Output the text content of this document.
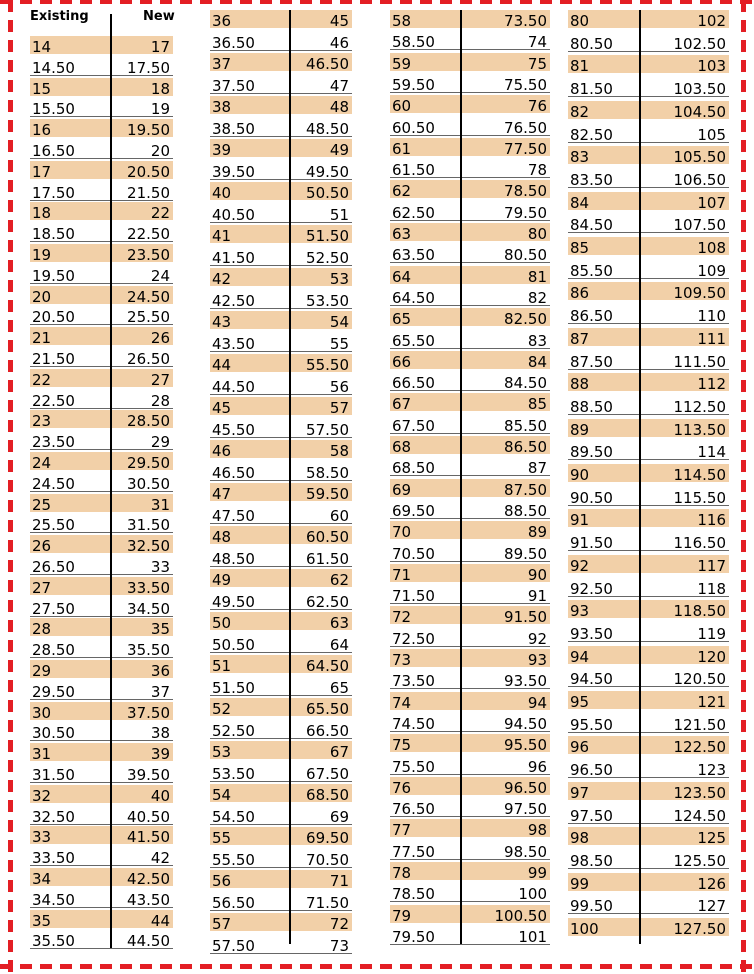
Existing	New
14	17
14.50	17.50
15	18
15.50	19
16	19.50
16.50	20
17	20.50
17.50	21.50
18	22
18.50	22.50
19	23.50
19.50	24
20	24.50
20.50	25.50
21	26
21.50	26.50
22	27
22.50	28
23	28.50
23.50	29
24	29.50
24.50	30.50
25	31
25.50	31.50
26	32.50
26.50	33
27	33.50
27.50	34.50
28	35
28.50	35.50
29	36
29.50	37
30	37.50
30.50	38
31	39
31.50	39.50
32	40
32.50	40.50
33	41.50
33.50	42
34	42.50
34.50	43.50
35	44
35.50	44.50
36	45
36.50	46
37	46.50
37.50	47
38	48
38.50	48.50
39	49
39.50	49.50
40	50.50
40.50	51
41	51.50
41.50	52.50
42	53
42.50	53.50
43	54
43.50	55
44	55.50
44.50	56
45	57
45.50	57.50
46	58
46.50	58.50
47	59.50
47.50	60
48	60.50
48.50	61.50
49	62
49.50	62.50
50	63
50.50	64
51	64.50
51.50	65
52	65.50
52.50	66.50
53	67
53.50	67.50
54	68.50
54.50	69
55	69.50
55.50	70.50
56	71
56.50	71.50
57	72
57.50	73
58	73.50
58.50	74
59	75
59.50	75.50
60	76
60.50	76.50
61	77.50
61.50	78
62	78.50
62.50	79.50
63	80
63.50	80.50
64	81
64.50	82
65	82.50
65.50	83
66	84
66.50	84.50
67	85
67.50	85.50
68	86.50
68.50	87
69	87.50
69.50	88.50
70	89
70.50	89.50
71	90
71.50	91
72	91.50
72.50	92
73	93
73.50	93.50
74	94
74.50	94.50
75	95.50
75.50	96
76	96.50
76.50	97.50
77	98
77.50	98.50
78	99
78.50	100
79	100.50
79.50	101
80	102
80.50	102.50
81	103
81.50	103.50
82	104.50
82.50	105
83	105.50
83.50	106.50
84	107
84.50	107.50
85	108
85.50	109
86	109.50
86.50	110
87	111
87.50	111.50
88	112
88.50	112.50
89	113.50
89.50	114
90	114.50
90.50	115.50
91	116
91.50	116.50
92	117
92.50	118
93	118.50
93.50	119
94	120
94.50	120.50
95	121
95.50	121.50
96	122.50
96.50	123
97	123.50
97.50	124.50
98	125
98.50	125.50
99	126
99.50	127
100	127.50
